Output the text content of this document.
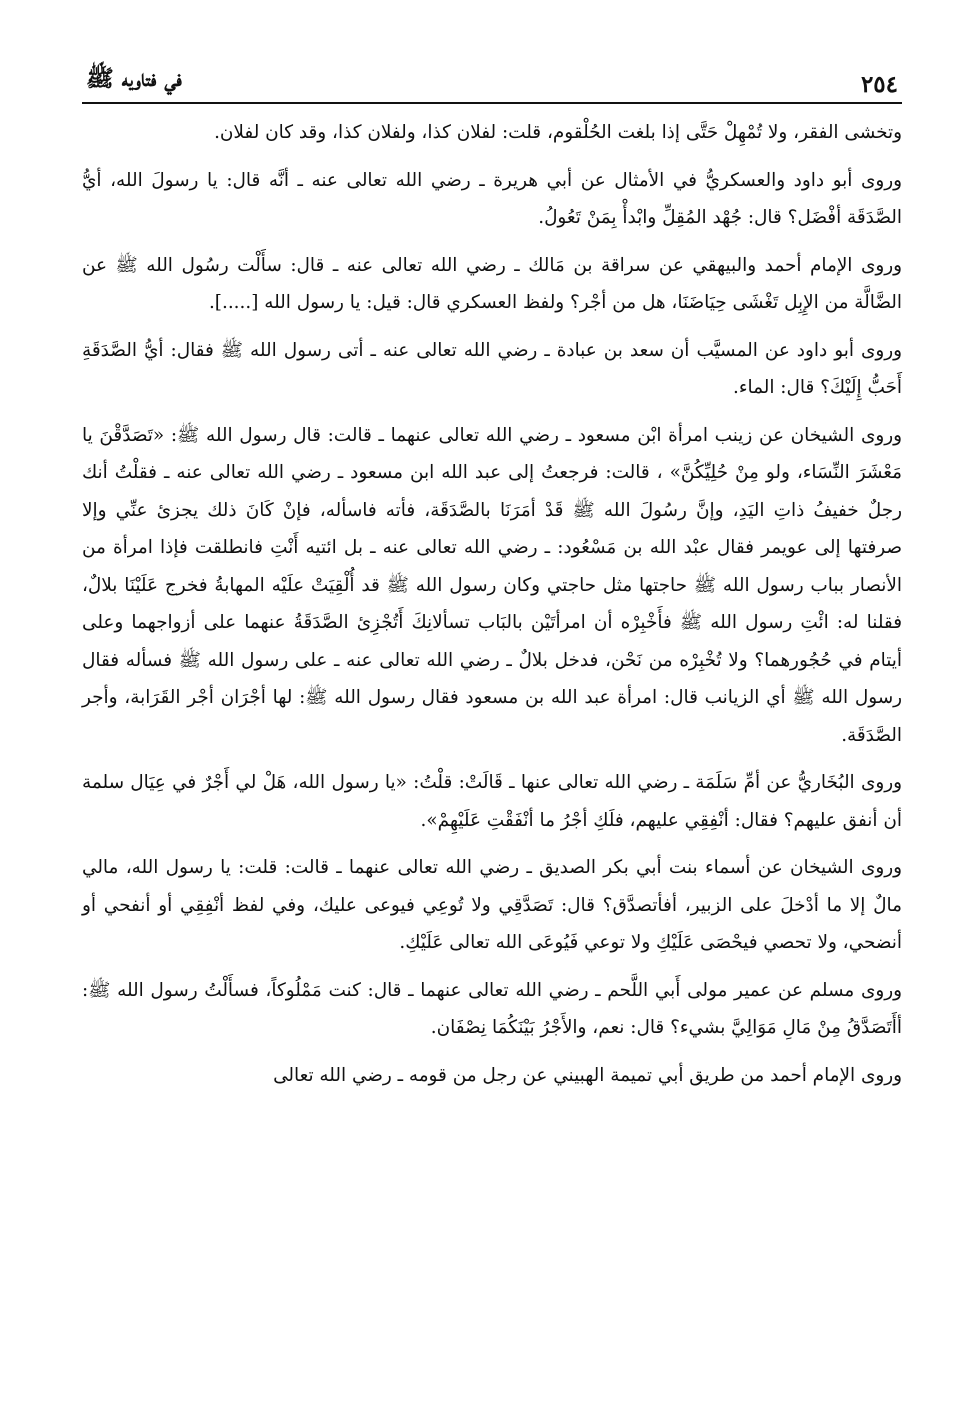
٢٥٤
في فتاويه ﷺ

وتخشى الفقر، ولا تُمْهِلْ حَتَّى إذا بلغت الحُلْقوم، قلت: لفلان كذا، ولفلان كذا، وقد كان لفلان.

وروى أبو داود والعسكريُّ في الأمثال عن أبي هريرة ـ رضي الله تعالى عنه ـ أنَّه قال: يا رسولَ الله، أيُّ الصَّدَقَة أفْضَل؟ قال: جُهْد المُقِلِّ وابْدأْ بِمَنْ تَعُولُ.

وروى الإمام أحمد والبيهقي عن سراقة بن مَالك ـ رضي الله تعالى عنه ـ قال: سأَلْت رسُول الله ﷺ عن الضَّالَّة من الإِبِل تَغْشَى حِيَاضَنَا، هل من أجْر؟ ولفظ العسكري قال: قيل: يا رسول الله [.....].

وروى أبو داود عن المسيَّب أن سعد بن عبادة ـ رضي الله تعالى عنه ـ أتى رسول الله ﷺ فقال: أيُّ الصَّدَقَةِ أَحَبُّ إِلَيْكَ؟ قال: الماء.

وروى الشيخان عن زينب امرأة ابْن مسعود ـ رضي الله تعالى عنهما ـ قالت: قال رسول الله ﷺ: «تَصَدَّقْنَ يا مَعْشَرَ النِّسَاء، ولو مِنْ حُلِيِّكُنَّ» ، قالت: فرجعتُ إلى عبد الله ابن مسعود ـ رضي الله تعالى عنه ـ فقلْتُ أنك رجلٌ خفيفُ ذاتِ اليَدِ، وإنَّ رسُولَ الله ﷺ قَدْ أمَرَنَا بالصَّدَقَة، فأته فاسأله، فإنْ كَانَ ذلك يجزئ عنِّي وإلا صرفتها إلى عويمر فقال عبْد الله بن مَسْعُود: ـ رضي الله تعالى عنه ـ بل ائتيه أَنْتِ فانطلقت فإذا امرأة من الأنصار بباب رسول الله ﷺ حاجتها مثل حاجتي وكان رسول الله ﷺ قد أُلْقِيَتْ علَيْه المهابةُ فخرج عَلَيْنَا بلالٌ، فقلنا له: ائْتِ رسول الله ﷺ فأَخْبِرْه أن امرأتَيْن بالبَاب تسألانِكَ أَتُجْزِئ الصَّدَقَةُ عنهما على أزواجهما وعلى أيتام في حُجُورهما؟ ولا تُخْبِرْه من نَحْن، فدخل بلالٌ ـ رضي الله تعالى عنه ـ على رسول الله ﷺ فسأله فقال رسول الله ﷺ أي الزيانب قال: امرأة عبد الله بن مسعود فقال رسول الله ﷺ: لها أجْرَان أجْر القَرَابة، وأجر الصَّدَقَة.

وروى البُخَاريُّ عن أمِّ سَلَمَة ـ رضي الله تعالى عنها ـ قَالَتْ: قلْتُ: «يا رسول الله، هَلْ لي أَجْرٌ في عِيَال سلمة أن أنفق عليهم؟ فقال: أنْفِقِي عليهم، فلَكِ أجْرُ ما أنْفَقْتِ عَلَيْهِمْ».

وروى الشيخان عن أسماء بنت أبي بكر الصديق ـ رضي الله تعالى عنهما ـ قالت: قلت: يا رسول الله، مالي مالٌ إلا ما أدْخلَ على الزبير، أفأتصدَّق؟ قال: تَصَدَّقِي ولا تُوعِي فيوعى عليك، وفي لفظ أنْفِقِي أو أنفحي أو أنضحي، ولا تحصي فيحْصَى عَلَيْكِ ولا توعي فَيُوعَى الله تعالى عَلَيْكِ.

وروى مسلم عن عمير مولى أَبي اللَّحم ـ رضي الله تعالى عنهما ـ قال: كنت مَمْلُوكاً، فسأَلْتُ رسول الله ﷺ: أأَتَصَدَّقُ مِنْ مَالِ مَوَالِيَّ بشيء؟ قال: نعم، والأَجْرُ بَيْنَكُمَا نِصْفَان.

وروى الإمام أحمد من طريق أبي تميمة الهبيني عن رجل من قومه ـ رضي الله تعالى
